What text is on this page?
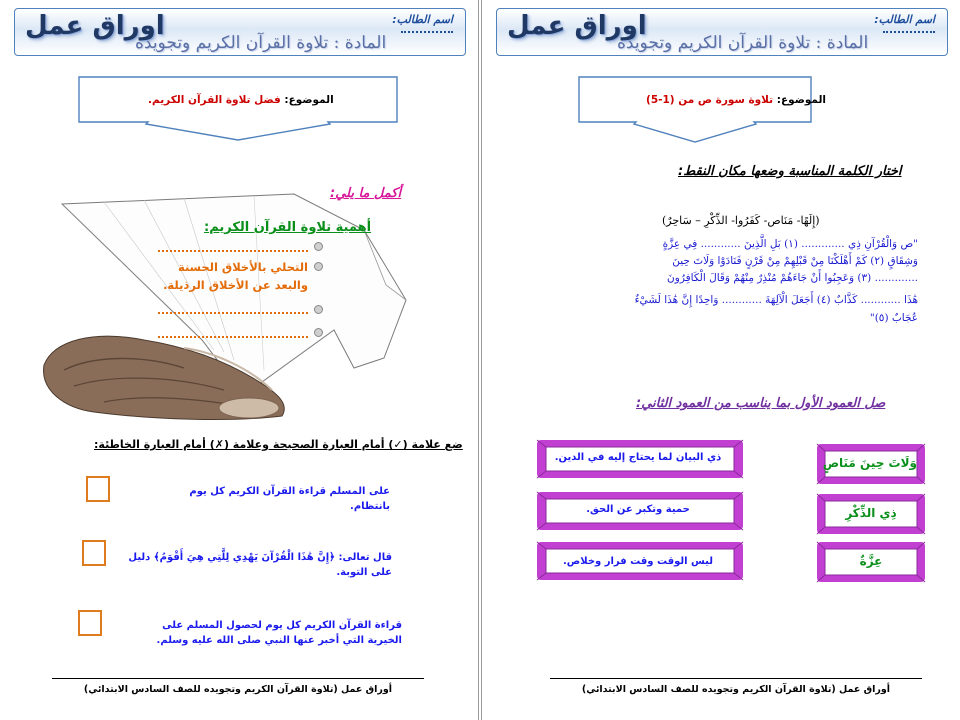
اسم الطالب:
اوراق عمل
المادة : تلاوة القرآن الكريم وتجويده
الموضوع: فضل تلاوة القرآن الكريم.
أكمل ما يلي:
أهمية تلاوة القرآن الكريم:
التحلي بالأخلاق الحسنة والبعد عن الأخلاق الرذيلة.
ضع علامة (✓) أمام العبارة الصحيحة وعلامة (✗) أمام العبارة الخاطئة:
على المسلم قراءة القرآن الكريم كل يوم بانتظام.
قال تعالى: ﴿إِنَّ هَٰذَا الْقُرْآنَ يَهْدِي لِلَّتِي هِيَ أَقْوَمُ﴾ دليل على التوبة.
قراءة القرآن الكريم كل يوم لحصول المسلم على الخيرية التي أخبر عنها النبي صلى الله عليه وسلم.
أوراق عمل (تلاوة القرآن الكريم وتجويده للصف السادس الابتدائي)
اسم الطالب:
اوراق عمل
المادة : تلاوة القرآن الكريم وتجويده
الموضوع: تلاوة سورة ص من (1-5)
اختار الكلمة المناسبة وضعها مكان النقط:
(إِلَهًا- مَنَاص- كَفَرُوا- الذِّكْرِ – سَاحِرٌ)
"ص وَالْقُرْآنِ ذِي ............. (١) بَلِ الَّذِينَ ............ فِي عِزَّةٍ
وَشِقَاقٍ (٢) كَمْ أَهْلَكْنَا مِنْ قَبْلِهِمْ مِنْ قَرْنٍ فَنَادَوْا وَلَاتَ حِينَ
............. (٣) وَعَجِبُوا أَنْ جَاءَهُمْ مُنْذِرٌ مِنْهُمْ وَقَالَ الْكَافِرُونَ
هَٰذَا ............ كَذَّابٌ (٤) أَجَعَلَ الْآلِهَةَ ............ وَاحِدًا إِنَّ هَٰذَا لَشَيْءٌ
عُجَابٌ (٥)"
صل العمود الأول بما يناسب من العمود الثاني:
ذي البيان لما يحتاج إليه في الدين.
حمية وتكبر عن الحق.
ليس الوقت وقت فرار وخلاص.
وَلَاتَ حِينَ مَنَاصٍ
ذِي الذِّكْرِ
عِزَّةٌ
أوراق عمل (تلاوة القرآن الكريم وتجويده للصف السادس الابتدائي)
